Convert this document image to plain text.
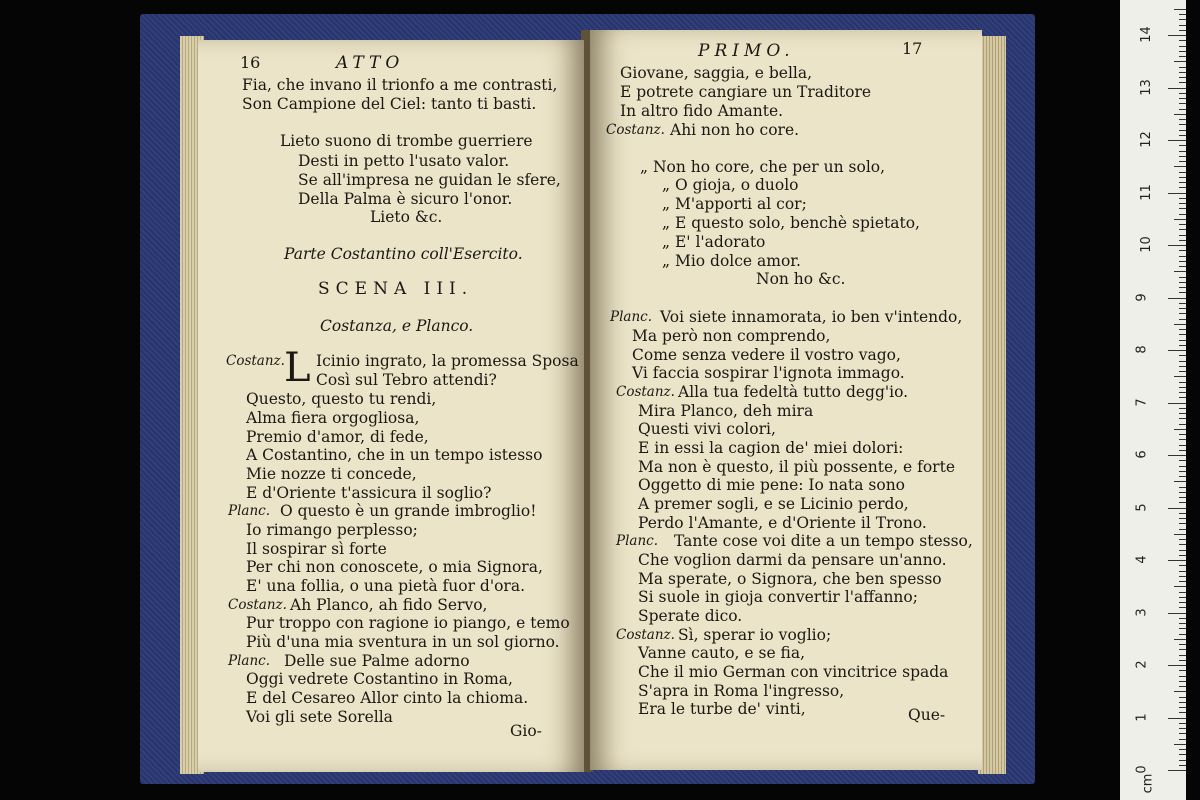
16	ATTO
Fia, che invano il trionfo a me contrasti,
Son Campione del Ciel: tanto ti basti.
Lieto suono di trombe guerriere
Desti in petto l'usato valor.
Se all'impresa ne guidan le sfere,
Della Palma è sicuro l'onor.
Lieto &c.
Parte Costantino coll'Esercito.
SCENA III.
Costanza, e Planco.
Costanz. L Icinio ingrato, la promessa Sposa
Così sul Tebro attendi?
Questo, questo tu rendi,
Alma fiera orgogliosa,
Premio d'amor, di fede,
A Costantino, che in un tempo istesso
Mie nozze ti concede,
E d'Oriente t'assicura il soglio?
Planc. O questo è un grande imbroglio!
Io rimango perplesso;
Il sospirar sì forte
Per chi non conoscete, o mia Signora,
E' una follia, o una pietà fuor d'ora.
Costanz. Ah Planco, ah fido Servo,
Pur troppo con ragione io piango, e temo
Più d'una mia sventura in un sol giorno.
Planc. Delle sue Palme adorno
Oggi vedrete Costantino in Roma,
E del Cesareo Allor cinto la chioma.
Voi gli sete Sorella
Gio-
PRIMO.	17
Giovane, saggia, e bella,
E potrete cangiare un Traditore
In altro fido Amante.
Costanz. Ahi non ho core.
„ Non ho core, che per un solo,
„ O gioja, o duolo
„ M'apporti al cor;
„ E questo solo, benchè spietato,
„ E' l'adorato
„ Mio dolce amor.
Non ho &c.
Planc. Voi siete innamorata, io ben v'intendo,
Ma però non comprendo,
Come senza vedere il vostro vago,
Vi faccia sospirar l'ignota immago.
Costanz. Alla tua fedeltà tutto degg'io.
Mira Planco, deh mira
Questi vivi colori,
E in essi la cagion de' miei dolori:
Ma non è questo, il più possente, e forte
Oggetto di mie pene: Io nata sono
A premer sogli, e se Licinio perdo,
Perdo l'Amante, e d'Oriente il Trono.
Planc. Tante cose voi dite a un tempo stesso,
Che voglion darmi da pensare un'anno.
Ma sperate, o Signora, che ben spesso
Si suole in gioja convertir l'affanno;
Sperate dico.
Costanz. Sì, sperar io voglio;
Vanne cauto, e se fia,
Che il mio German con vincitrice spada
S'apra in Roma l'ingresso,
Era le turbe de' vinti,	Que-
0
1
2
3
4
5
6
7
8
9
10
11
12
13
14
cm
